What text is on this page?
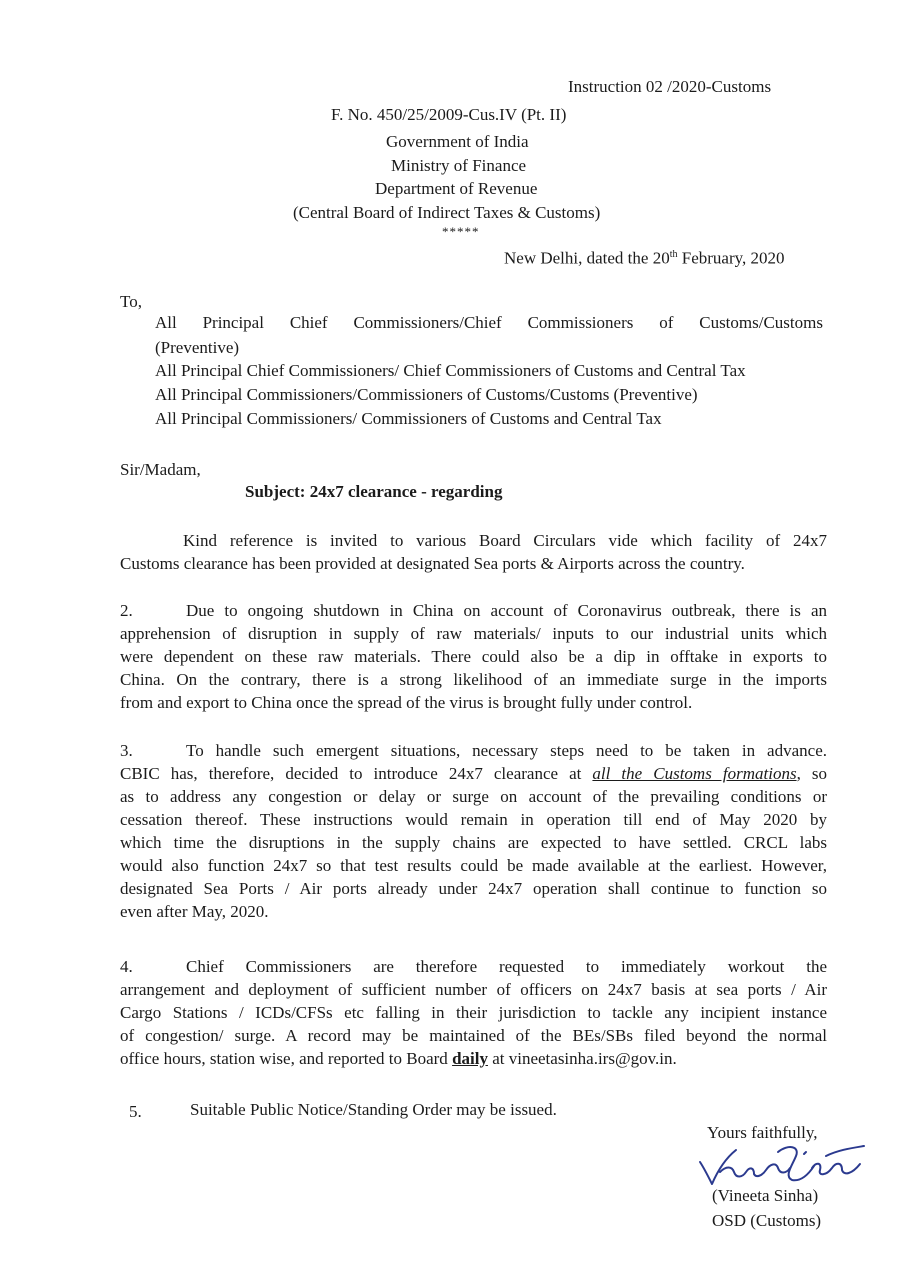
Instruction 02 /2020-Customs
F. No. 450/25/2009-Cus.IV (Pt. II)
Government of India
Ministry of Finance
Department of Revenue
(Central Board of Indirect Taxes & Customs)
*****
New Delhi, dated the 20th February, 2020
To,
All Principal Chief Commissioners/Chief Commissioners of Customs/Customs
(Preventive)
All Principal Chief Commissioners/ Chief Commissioners of Customs and Central Tax
All Principal Commissioners/Commissioners of Customs/Customs (Preventive)
All Principal Commissioners/ Commissioners of Customs and Central Tax
Sir/Madam,
Subject: 24x7 clearance - regarding
Kind reference is invited to various Board Circulars vide which facility of 24x7
Customs clearance has been provided at designated Sea ports & Airports across the country.
2.	Due to ongoing shutdown in China on account of Coronavirus outbreak, there is an
apprehension of disruption in supply of raw materials/ inputs to our industrial units which
were dependent on these raw materials. There could also be a dip in offtake in exports to
China. On the contrary, there is a strong likelihood of an immediate surge in the imports
from and export to China once the spread of the virus is brought fully under control.
3.	To handle such emergent situations, necessary steps need to be taken in advance.
CBIC has, therefore, decided to introduce 24x7 clearance at all the Customs formations, so
as to address any congestion or delay or surge on account of the prevailing conditions or
cessation thereof. These instructions would remain in operation till end of May 2020 by
which time the disruptions in the supply chains are expected to have settled. CRCL labs
would also function 24x7 so that test results could be made available at the earliest. However,
designated Sea Ports / Air ports already under 24x7 operation shall continue to function so
even after May, 2020.
4.	Chief Commissioners are therefore requested to immediately workout the
arrangement and deployment of sufficient number of officers on 24x7 basis at sea ports / Air
Cargo Stations / ICDs/CFSs etc falling in their jurisdiction to tackle any incipient instance
of congestion/ surge. A record may be maintained of the BEs/SBs filed beyond the normal
office hours, station wise, and reported to Board daily at vineetasinha.irs@gov.in.
5.	Suitable Public Notice/Standing Order may be issued.
Yours faithfully,
(Vineeta Sinha)
OSD (Customs)
